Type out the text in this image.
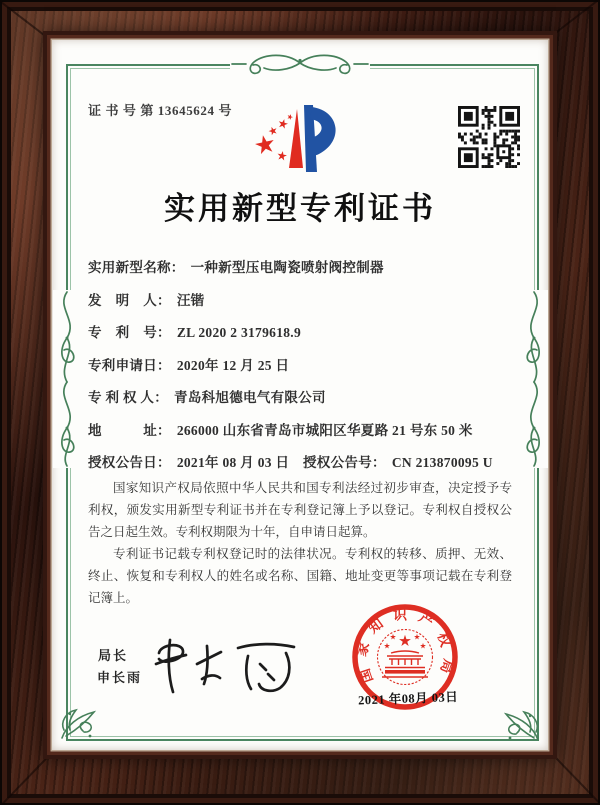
证 书 号 第 13645624 号
实用新型专利证书
实用新型名称： 一种新型压电陶瓷喷射阀控制器
发　明　人： 汪锴
专　利　号： ZL 2020 2 3179618.9
专利申请日： 2020年 12 月 25 日
专 利 权 人： 青岛科旭德电气有限公司
地　　　址： 266000 山东省青岛市城阳区华夏路 21 号东 50 米
授权公告日： 2021年 08 月 03 日 授权公告号： CN 213870095 U

国家知识产权局依照中华人民共和国专利法经过初步审查，决定授予专利权，颁发实用新型专利证书并在专利登记簿上予以登记。专利权自授权公告之日起生效。专利权期限为十年，自申请日起算。

专利证书记载专利权登记时的法律状况。专利权的转移、质押、无效、终止、恢复和专利权人的姓名或名称、国籍、地址变更等事项记载在专利登记簿上。

局长
申长雨	国家知识产权局
2021 年08月 03日
